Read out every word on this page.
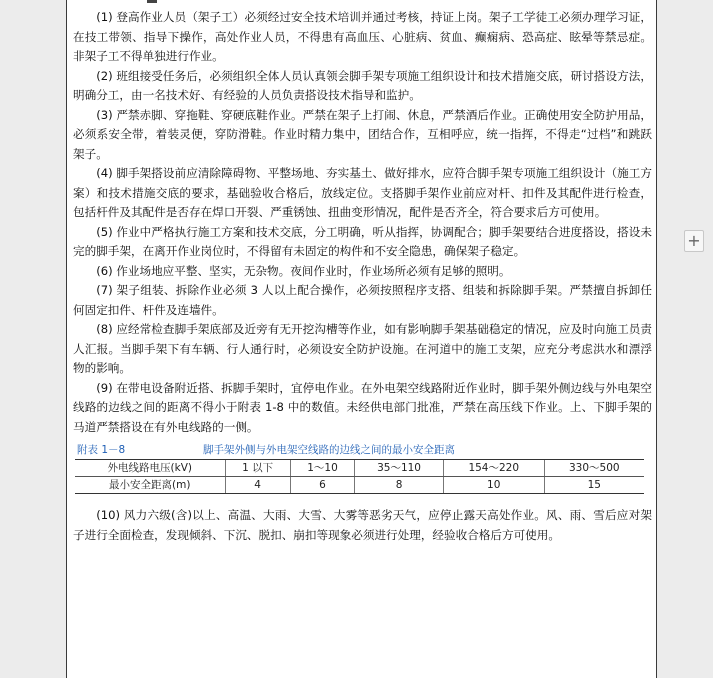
(1) 登高作业人员（架子工）必须经过安全技术培训并通过考核，持证上岗。架子工学徒工必须办理学习证，在技工带领、指导下操作，高处作业人员，不得患有高血压、心脏病、贫血、癫痫病、恐高症、眩晕等禁忌症。非架子工不得单独进行作业。

(2) 班组接受任务后，必须组织全体人员认真领会脚手架专项施工组织设计和技术措施交底，研讨搭设方法，明确分工，由一名技术好、有经验的人员负责搭设技术指导和监护。

(3) 严禁赤脚、穿拖鞋、穿硬底鞋作业。严禁在架子上打闹、休息，严禁酒后作业。正确使用安全防护用品，必须系安全带，着装灵便，穿防滑鞋。作业时精力集中，团结合作，互相呼应，统一指挥，不得走“过档”和跳跃架子。

(4) 脚手架搭设前应清除障碍物、平整场地、夯实基土、做好排水，应符合脚手架专项施工组织设计（施工方案）和技术措施交底的要求，基础验收合格后，放线定位。支搭脚手架作业前应对杆、扣件及其配件进行检查，包括杆件及其配件是否存在焊口开裂、严重锈蚀、扭曲变形情况，配件是否齐全，符合要求后方可使用。

(5) 作业中严格执行施工方案和技术交底，分工明确，听从指挥，协调配合；脚手架要结合进度搭设，搭设未完的脚手架，在离开作业岗位时，不得留有未固定的构件和不安全隐患，确保架子稳定。

(6) 作业场地应平整、坚实，无杂物。夜间作业时，作业场所必须有足够的照明。

(7) 架子组装、拆除作业必须 3 人以上配合操作，必须按照程序支搭、组装和拆除脚手架。严禁擅自拆卸任何固定扣件、杆件及连墙件。

(8) 应经常检查脚手架底部及近旁有无开挖沟槽等作业，如有影响脚手架基础稳定的情况，应及时向施工员责人汇报。当脚手架下有车辆、行人通行时，必须设安全防护设施。在河道中的施工支架，应充分考虑洪水和漂浮物的影响。

(9) 在带电设备附近搭、拆脚手架时，宜停电作业。在外电架空线路附近作业时，脚手架外侧边线与外电架空线路的边线之间的距离不得小于附表 1-8 中的数值。未经供电部门批准，严禁在高压线下作业。上、下脚手架的马道严禁搭设在有外电线路的一侧。

附表 1－8	脚手架外侧与外电架空线路的边线之间的最小安全距离
外电线路电压(kV)	1 以下	1～10	35～110	154～220	330～500
最小安全距离(m)	4	6	8	10	15

(10) 风力六级(含)以上、高温、大雨、大雪、大雾等恶劣天气，应停止露天高处作业。风、雨、雪后应对架子进行全面检查，发现倾斜、下沉、脱扣、崩扣等现象必须进行处理，经验收合格后方可使用。

+
